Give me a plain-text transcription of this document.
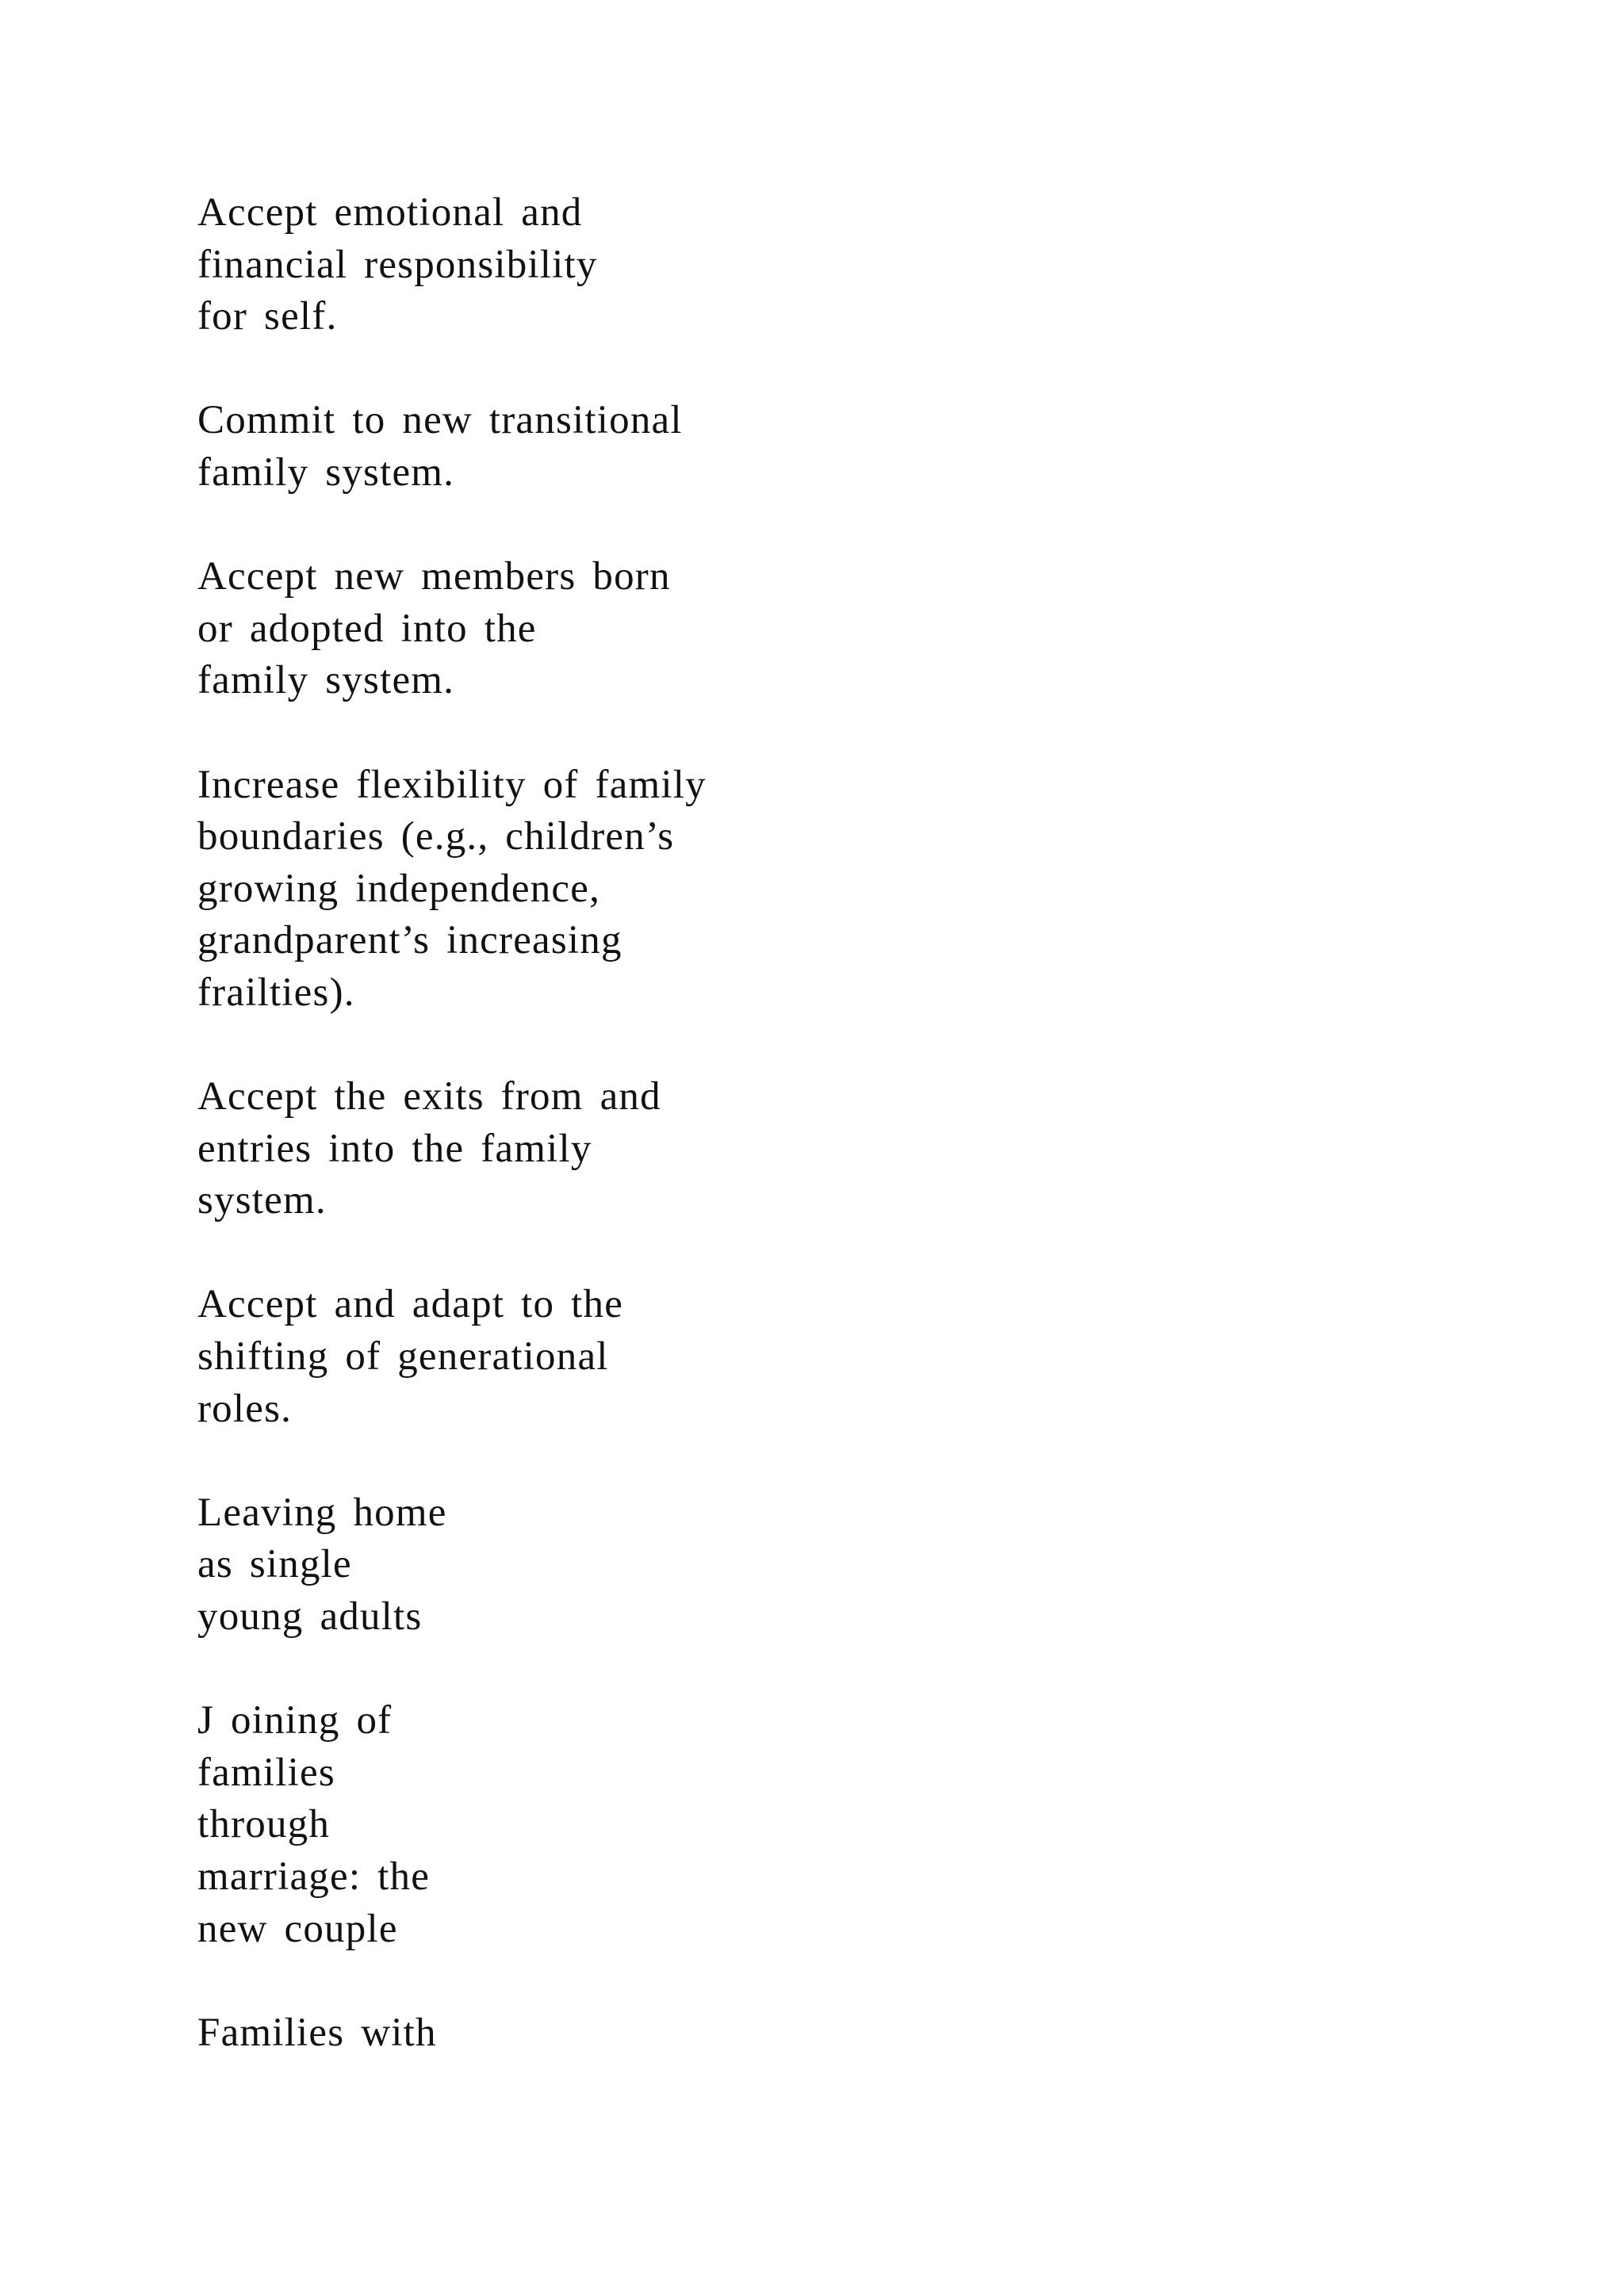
Accept emotional and
financial responsibility
for self.
Commit to new transitional
family system.
Accept new members born
or adopted into the
family system.
Increase flexibility of family
boundaries (e.g., children’s
growing independence,
grandparent’s increasing
frailties).
Accept the exits from and
entries into the family
system.
Accept and adapt to the
shifting of generational
roles.
Leaving home
as single
young adults
J oining of
families
through
marriage: the
new couple
Families with
